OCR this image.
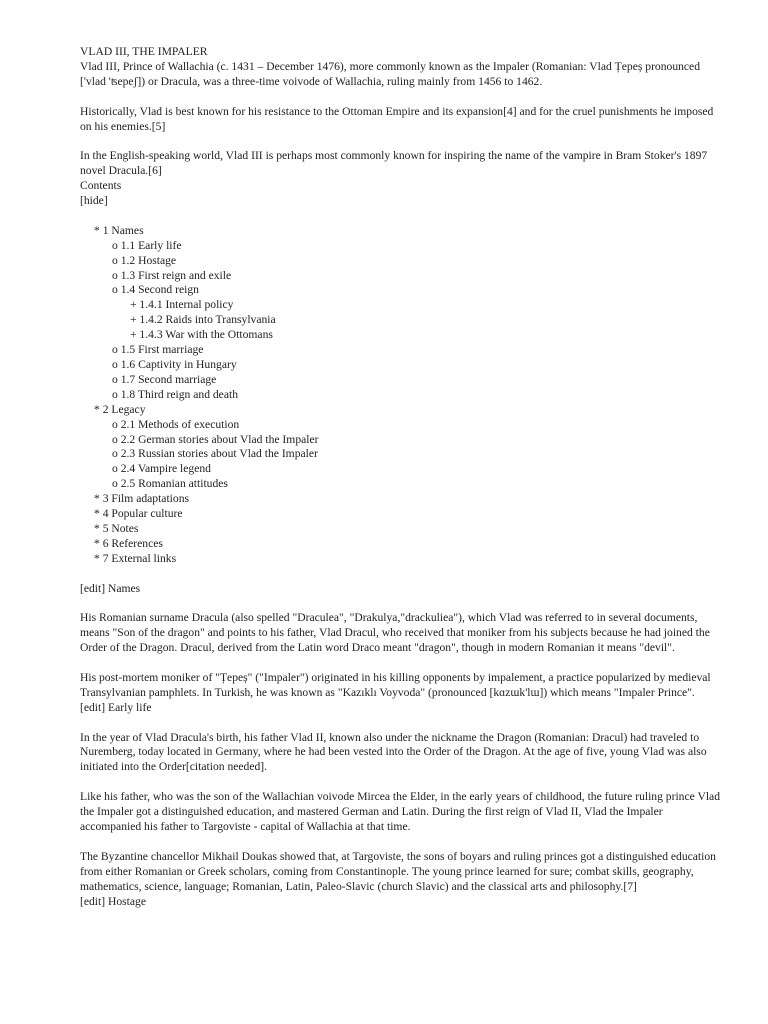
VLAD III, THE IMPALER

Vlad III, Prince of Wallachia (c. 1431 – December 1476), more commonly known as the Impaler (Romanian: Vlad Țepeș pronounced ['vlad 'ʦepeʃ]) or Dracula, was a three-time voivode of Wallachia, ruling mainly from 1456 to 1462.

Historically, Vlad is best known for his resistance to the Ottoman Empire and its expansion[4] and for the cruel punishments he imposed on his enemies.[5]

In the English-speaking world, Vlad III is perhaps most commonly known for inspiring the name of the vampire in Bram Stoker's 1897 novel Dracula.[6]

Contents

[hide]

* 1 Names
o 1.1 Early life
o 1.2 Hostage
o 1.3 First reign and exile
o 1.4 Second reign
+ 1.4.1 Internal policy
+ 1.4.2 Raids into Transylvania
+ 1.4.3 War with the Ottomans
o 1.5 First marriage
o 1.6 Captivity in Hungary
o 1.7 Second marriage
o 1.8 Third reign and death
* 2 Legacy
o 2.1 Methods of execution
o 2.2 German stories about Vlad the Impaler
o 2.3 Russian stories about Vlad the Impaler
o 2.4 Vampire legend
o 2.5 Romanian attitudes
* 3 Film adaptations
* 4 Popular culture
* 5 Notes
* 6 References
* 7 External links

[edit] Names

His Romanian surname Dracula (also spelled "Draculea", "Drakulya,"drackuliea"), which Vlad was referred to in several documents, means "Son of the dragon" and points to his father, Vlad Dracul, who received that moniker from his subjects because he had joined the Order of the Dragon. Dracul, derived from the Latin word Draco meant "dragon", though in modern Romanian it means "devil".

His post-mortem moniker of "Țepeș" ("Impaler") originated in his killing opponents by impalement, a practice popularized by medieval Transylvanian pamphlets. In Turkish, he was known as "Kazıklı Voyvoda" (pronounced [kɑzɯk'lɯ]) which means "Impaler Prince".

[edit] Early life

In the year of Vlad Dracula's birth, his father Vlad II, known also under the nickname the Dragon (Romanian: Dracul) had traveled to Nuremberg, today located in Germany, where he had been vested into the Order of the Dragon. At the age of five, young Vlad was also initiated into the Order[citation needed].

Like his father, who was the son of the Wallachian voivode Mircea the Elder, in the early years of childhood, the future ruling prince Vlad the Impaler got a distinguished education, and mastered German and Latin. During the first reign of Vlad II, Vlad the Impaler accompanied his father to Targoviste - capital of Wallachia at that time.

The Byzantine chancellor Mikhail Doukas showed that, at Targoviste, the sons of boyars and ruling princes got a distinguished education from either Romanian or Greek scholars, coming from Constantinople. The young prince learned for sure; combat skills, geography, mathematics, science, language; Romanian, Latin, Paleo-Slavic (church Slavic) and the classical arts and philosophy.[7]

[edit] Hostage
